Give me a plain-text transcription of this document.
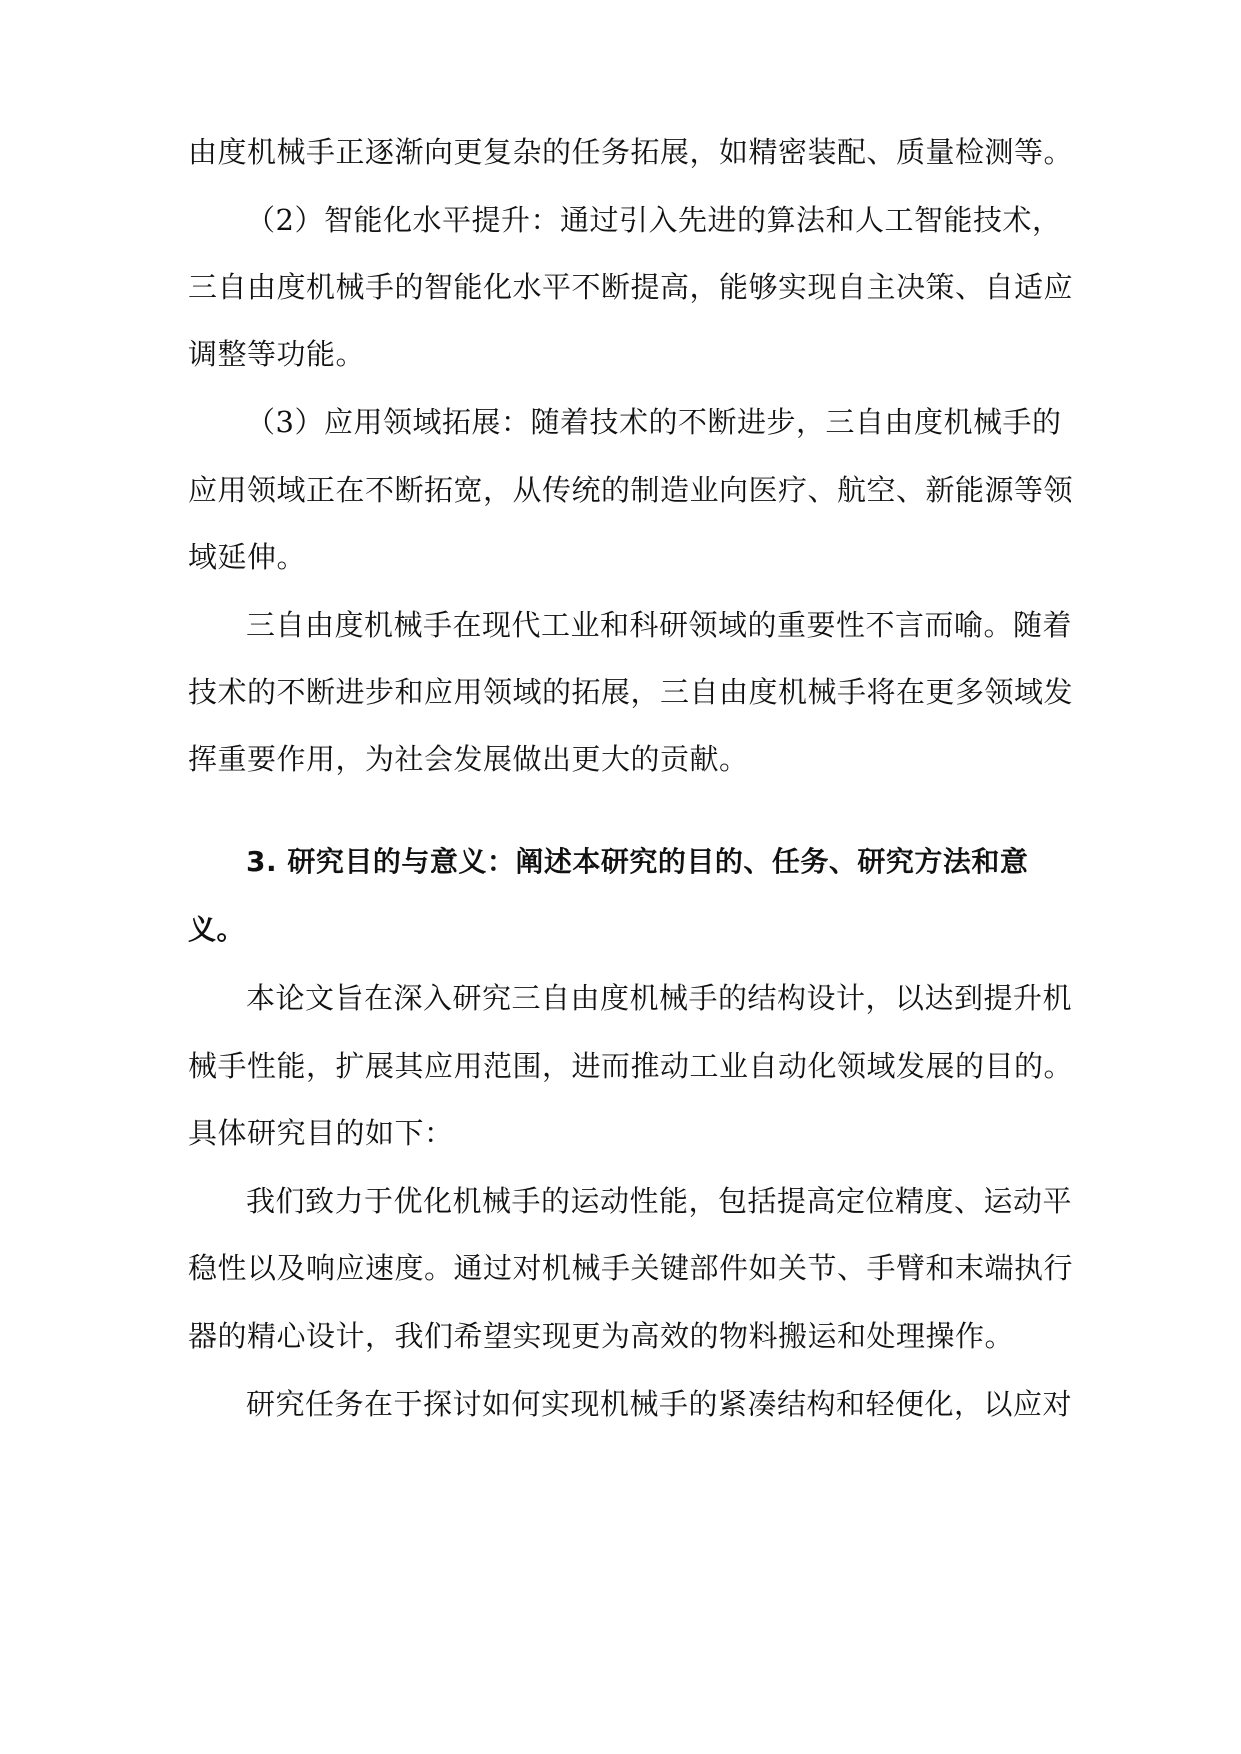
由度机械手正逐渐向更复杂的任务拓展，如精密装配、质量检测等。
（2）智能化水平提升：通过引入先进的算法和人工智能技术，
三自由度机械手的智能化水平不断提高，能够实现自主决策、自适应
调整等功能。
（3）应用领域拓展：随着技术的不断进步，三自由度机械手的
应用领域正在不断拓宽，从传统的制造业向医疗、航空、新能源等领
域延伸。
三自由度机械手在现代工业和科研领域的重要性不言而喻。随着
技术的不断进步和应用领域的拓展，三自由度机械手将在更多领域发
挥重要作用，为社会发展做出更大的贡献。
3. 研究目的与意义：阐述本研究的目的、任务、研究方法和意
义。
本论文旨在深入研究三自由度机械手的结构设计，以达到提升机
械手性能，扩展其应用范围，进而推动工业自动化领域发展的目的。
具体研究目的如下：
我们致力于优化机械手的运动性能，包括提高定位精度、运动平
稳性以及响应速度。通过对机械手关键部件如关节、手臂和末端执行
器的精心设计，我们希望实现更为高效的物料搬运和处理操作。
研究任务在于探讨如何实现机械手的紧凑结构和轻便化，以应对
